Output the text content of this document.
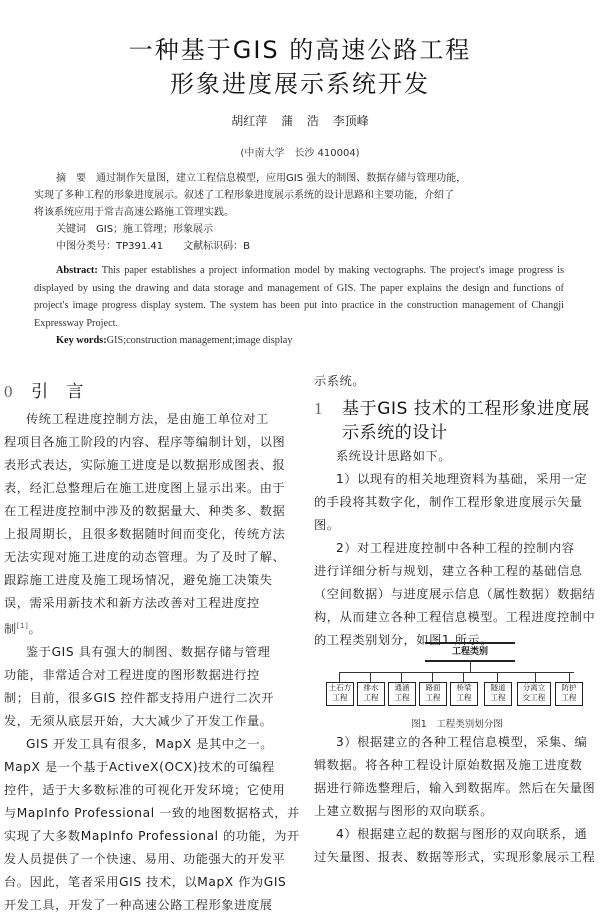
一种基于GIS 的高速公路工程
形象进度展示系统开发
胡红萍 蒲 浩 李顶峰
(中南大学　长沙 410004)
摘　要　通过制作矢量图，建立工程信息模型，应用GIS 强大的制图、数据存储与管理功能，
实现了多种工程的形象进度展示。叙述了工程形象进度展示系统的设计思路和主要功能，介绍了
将该系统应用于常吉高速公路施工管理实践。
关键词　GIS；施工管理；形象展示
中图分类号：TP391.41　　文献标识码：B
Abstract: This paper establishes a project information model by making vectographs. The project's image progress is displayed by using the drawing and data storage and management of GIS. The paper explains the design and functions of project's image progress display system. The system has been put into practice in the construction management of Changji Expressway Project.
Key words:GIS;construction management;image display
0 引　言
传统工程进度控制方法，是由施工单位对工
程项目各施工阶段的内容、程序等编制计划，以图
表形式表达，实际施工进度是以数据形成图表、报
表，经汇总整理后在施工进度图上显示出来。由于
在工程进度控制中涉及的数据量大、种类多、数据
上报周期长，且很多数据随时间而变化，传统方法
无法实现对施工进度的动态管理。为了及时了解、
跟踪施工进度及施工现场情况，避免施工决策失
误，需采用新技术和新方法改善对工程进度控
制[1]。
鉴于GIS 具有强大的制图、数据存储与管理
功能，非常适合对工程进度的图形数据进行控
制；目前，很多GIS 控件都支持用户进行二次开
发，无须从底层开始，大大减少了开发工作量。
GIS 开发工具有很多，MapX 是其中之一。
MapX 是一个基于ActiveX(OCX)技术的可编程
控件，适于大多数标准的可视化开发环境；它使用
与MapInfo Professional 一致的地图数据格式，并
实现了大多数MapInfo Professional 的功能，为开
发人员提供了一个快速、易用、功能强大的开发平
台。因此，笔者采用GIS 技术，以MapX 作为GIS
开发工具，开发了一种高速公路工程形象进度展
示系统。
1 基于GIS 技术的工程形象进度展
示系统的设计
系统设计思路如下。
1）以现有的相关地理资料为基础，采用一定
的手段将其数字化，制作工程形象进度展示矢量
图。
2）对工程进度控制中各种工程的控制内容
进行详细分析与规划，建立各种工程的基础信息
（空间数据）与进度展示信息（属性数据）数据结
构，从而建立各种工程信息模型。工程进度控制中
的工程类别划分，如图1 所示。
工程类别
土石方
工程
排水
工程
通涵
工程
路面
工程
桥梁
工程
隧道
工程
分离立
交工程
防护
工程
图1　工程类别划分图
3）根据建立的各种工程信息模型，采集、编
辑数据。将各种工程设计原始数据及施工进度数
据进行筛选整理后，输入到数据库。然后在矢量图
上建立数据与图形的双向联系。
4）根据建立起的数据与图形的双向联系，通
过矢量图、报表、数据等形式，实现形象展示工程
